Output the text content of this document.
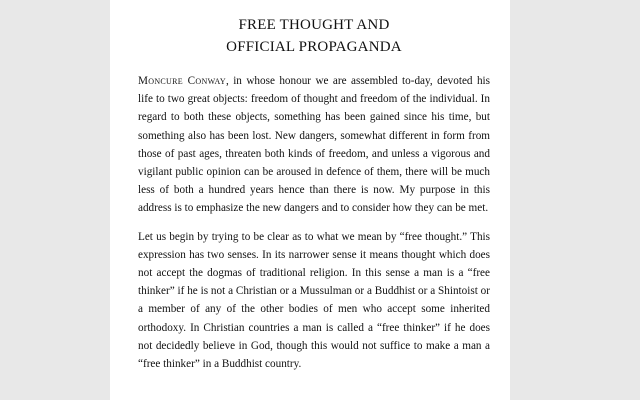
FREE THOUGHT AND
OFFICIAL PROPAGANDA

Moncure Conway, in whose honour we are assembled to-day, devoted his life to two great objects: freedom of thought and freedom of the individual. In regard to both these objects, something has been gained since his time, but something also has been lost. New dangers, somewhat different in form from those of past ages, threaten both kinds of freedom, and unless a vigorous and vigilant public opinion can be aroused in defence of them, there will be much less of both a hundred years hence than there is now. My purpose in this address is to emphasize the new dangers and to consider how they can be met.

Let us begin by trying to be clear as to what we mean by “free thought.” This expression has two senses. In its narrower sense it means thought which does not accept the dogmas of traditional religion. In this sense a man is a “free thinker” if he is not a Christian or a Mussulman or a Buddhist or a Shintoist or a member of any of the other bodies of men who accept some inherited orthodoxy. In Christian countries a man is called a “free thinker” if he does not decidedly believe in God, though this would not suffice to make a man a “free thinker” in a Buddhist country.
